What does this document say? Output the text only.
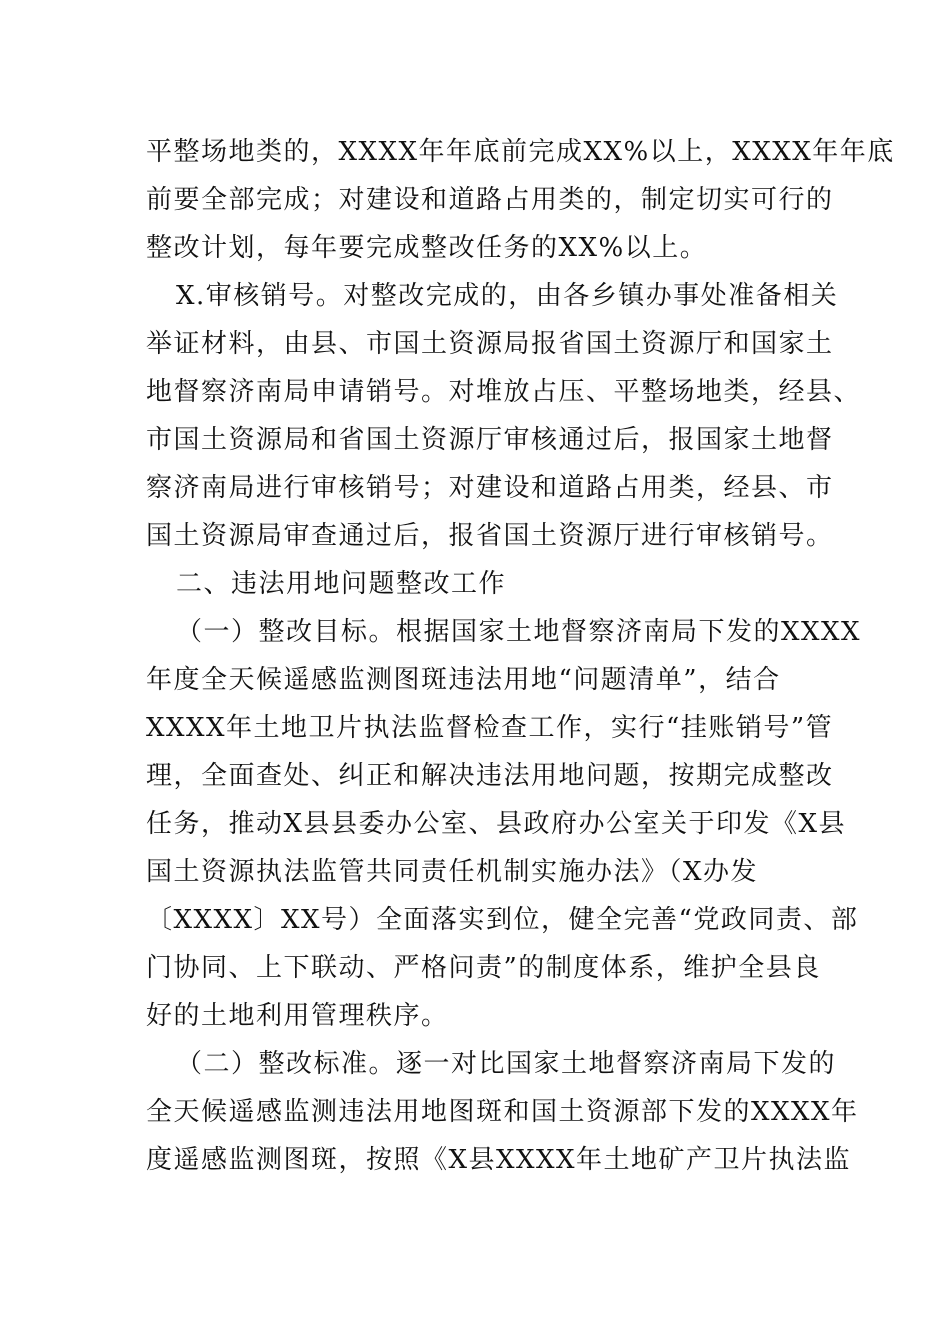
平整场地类的，XXXX年年底前完成XX%以上，XXXX年年底
前要全部完成；对建设和道路占用类的，制定切实可行的
整改计划，每年要完成整改任务的XX%以上。
X.审核销号。对整改完成的，由各乡镇办事处准备相关
举证材料，由县、市国土资源局报省国土资源厅和国家土
地督察济南局申请销号。对堆放占压、平整场地类，经县、
市国土资源局和省国土资源厅审核通过后，报国家土地督
察济南局进行审核销号；对建设和道路占用类，经县、市
国土资源局审查通过后，报省国土资源厅进行审核销号。
二、违法用地问题整改工作
（一）整改目标。根据国家土地督察济南局下发的XXXX
年度全天候遥感监测图斑违法用地“问题清单”，结合
XXXX年土地卫片执法监督检查工作，实行“挂账销号”管
理，全面查处、纠正和解决违法用地问题，按期完成整改
任务，推动X县县委办公室、县政府办公室关于印发《X县
国土资源执法监管共同责任机制实施办法》（X办发
〔XXXX〕XX号）全面落实到位，健全完善“党政同责、部
门协同、上下联动、严格问责”的制度体系，维护全县良
好的土地利用管理秩序。
（二）整改标准。逐一对比国家土地督察济南局下发的
全天候遥感监测违法用地图斑和国土资源部下发的XXXX年
度遥感监测图斑，按照《X县XXXX年土地矿产卫片执法监
